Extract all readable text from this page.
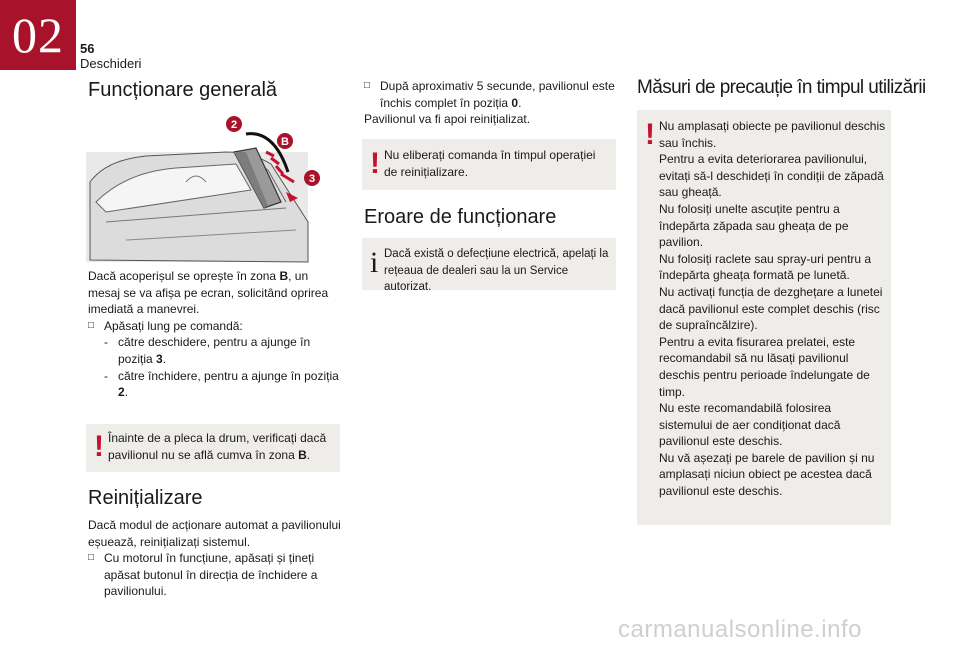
02	56
Deschideri
Funcționare generală
2
B
3

Dacă acoperișul se oprește în zona B, un mesaj se va afișa pe ecran, solicitând oprirea imediată a manevrei.

□ Apăsați lung pe comandă:

- către deschidere, pentru a ajunge în poziția 3.

- către închidere, pentru a ajunge în poziția 2.

! Înainte de a pleca la drum, verificați dacă pavilionul nu se află cumva în zona B.
Reinițializare

Dacă modul de acționare automat a pavilionului eșuează, reinițializați sistemul.

□ Cu motorul în funcțiune, apăsați și țineți apăsat butonul în direcția de închidere a pavilionului.

□ După aproximativ 5 secunde, pavilionul este închis complet în poziția 0.

Pavilionul va fi apoi reinițializat.

! Nu eliberați comanda în timpul operației de reinițializare.
Eroare de funcționare
i Dacă există o defecțiune electrică, apelați la rețeaua de dealeri sau la un Service autorizat.
Măsuri de precauție în timpul utilizării
! Nu amplasați obiecte pe pavilionul deschis sau închis.
Pentru a evita deteriorarea pavilionului, evitați să-l deschideți în condiții de zăpadă sau gheață.
Nu folosiți unelte ascuțite pentru a îndepărta zăpada sau gheața de pe pavilion.
Nu folosiți raclete sau spray-uri pentru a îndepărta gheața formată pe lunetă.
Nu activați funcția de dezghețare a lunetei dacă pavilionul este complet deschis (risc de supraîncălzire).
Pentru a evita fisurarea prelatei, este recomandabil să nu lăsați pavilionul deschis pentru perioade îndelungate de timp.
Nu este recomandabilă folosirea sistemului de aer condiționat dacă pavilionul este deschis.
Nu vă așezați pe barele de pavilion și nu amplasați niciun obiect pe acestea dacă pavilionul este deschis.
carmanualsonline.info
